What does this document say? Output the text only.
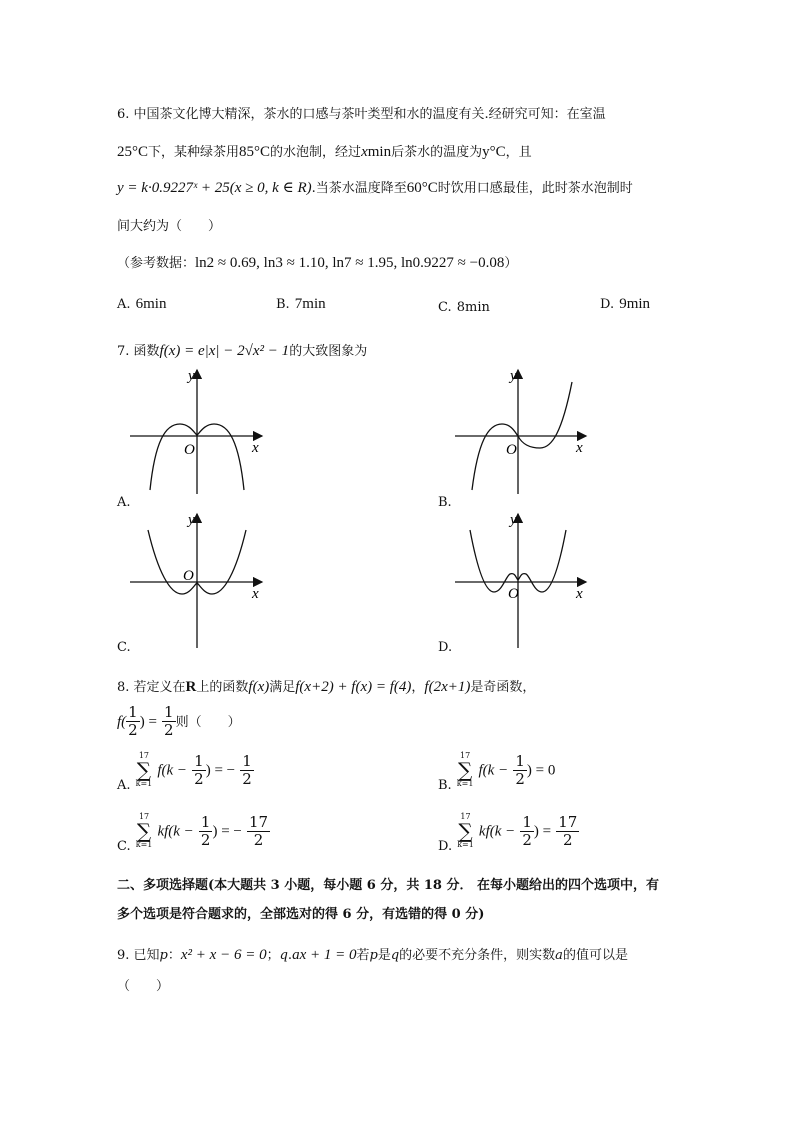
6. 中国茶文化博大精深，茶水的口感与茶叶类型和水的温度有关.经研究可知：在室温
25°C下，某种绿茶用85°C的水泡制，经过xmin后茶水的温度为y°C，且
y = k·0.9227ˣ + 25(x ≥ 0, k ∈ R).当茶水温度降至60°C时饮用口感最佳，此时茶水泡制时
间大约为（　　）
（参考数据：ln2 ≈ 0.69, ln3 ≈ 1.10, ln7 ≈ 1.95, ln0.9227 ≈ −0.08）
A. 6min	B. 7min	C. 8min	D. 9min
7. 函数f(x) = e|x| − 2√x² − 1的大致图象为
y
x
O
y
x
O
y
x
O
y
x
O
A.	B.
C.	D.
8. 若定义在R上的函数f(x)满足f(x+2) + f(x) = f(4)，f(2x+1)是奇函数，
$f( \frac{1}{2}$ ) = $\frac{1}{2}$ 则（　　）
$_{A.}$
17
∑
k=1
$f(k - \frac{1}{2}$ ) = − $\frac{1}{2}$	$_{B.}$
17
∑
k=1
$f(k - \frac{1}{2}$ ) = 0
$_{C.}$
17
∑
k=1
$kf(k - \frac{1}{2}$ ) = − $\frac{17}{2}$	$_{D.}$
17
∑
k=1
$kf(k - \frac{1}{2}$ ) = $\frac{17}{2}$
二、多项选择题(本大题共 3 小题，每小题 6 分，共 18 分． 在每小题给出的四个选项中，有
多个选项是符合题求的，全部选对的得 6 分，有选错的得 0 分)
9. 已知p：x² + x − 6 = 0；q.ax + 1 = 0若p是q的必要不充分条件，则实数a的值可以是
（　　）
